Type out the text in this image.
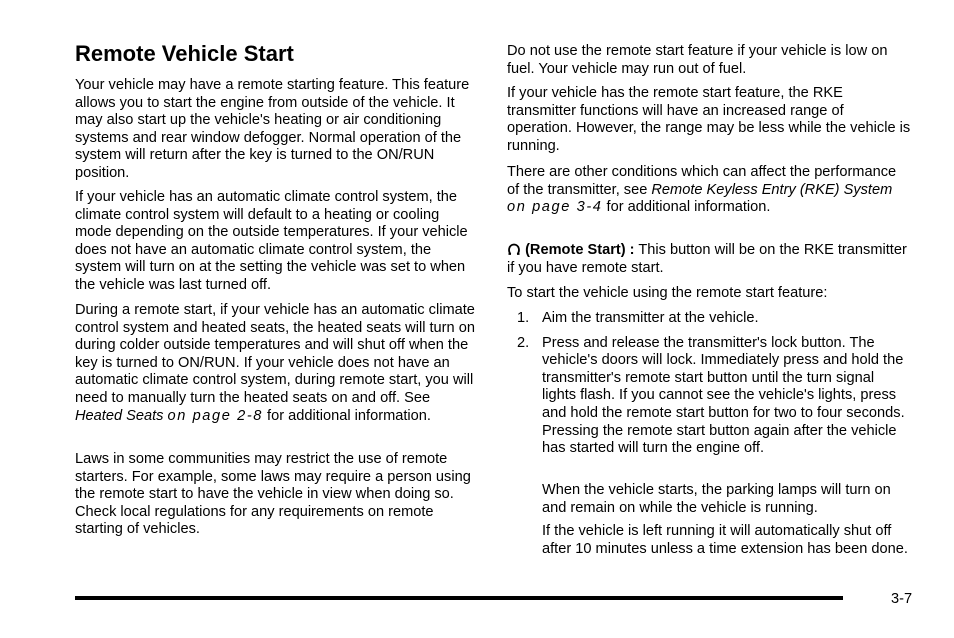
Remote Vehicle Start

Your vehicle may have a remote starting feature. This feature allows you to start the engine from outside of the vehicle. It may also start up the vehicle's heating or air conditioning systems and rear window defogger. Normal operation of the system will return after the key is turned to the ON/RUN position.

If your vehicle has an automatic climate control system, the climate control system will default to a heating or cooling mode depending on the outside temperatures. If your vehicle does not have an automatic climate control system, the system will turn on at the setting the vehicle was set to when the vehicle was last turned off.

During a remote start, if your vehicle has an automatic climate control system and heated seats, the heated seats will turn on during colder outside temperatures and will shut off when the key is turned to ON/RUN. If your vehicle does not have an automatic climate control system, during remote start, you will need to manually turn the heated seats on and off. See Heated Seats on page 2-8 for additional information.

Laws in some communities may restrict the use of remote starters. For example, some laws may require a person using the remote start to have the vehicle in view when doing so. Check local regulations for any requirements on remote starting of vehicles.

Do not use the remote start feature if your vehicle is low on fuel. Your vehicle may run out of fuel.

If your vehicle has the remote start feature, the RKE transmitter functions will have an increased range of operation. However, the range may be less while the vehicle is running.

There are other conditions which can affect the performance of the transmitter, see Remote Keyless Entry (RKE) System on page 3-4 for additional information.

(Remote Start) : This button will be on the RKE transmitter if you have remote start.

To start the vehicle using the remote start feature:

1. Aim the transmitter at the vehicle.
2. Press and release the transmitter's lock button. The vehicle's doors will lock. Immediately press and hold the transmitter's remote start button until the turn signal lights flash. If you cannot see the vehicle's lights, press and hold the remote start button for two to four seconds. Pressing the remote start button again after the vehicle has started will turn the engine off.

When the vehicle starts, the parking lamps will turn on and remain on while the vehicle is running.

If the vehicle is left running it will automatically shut off after 10 minutes unless a time extension has been done.

3-7
